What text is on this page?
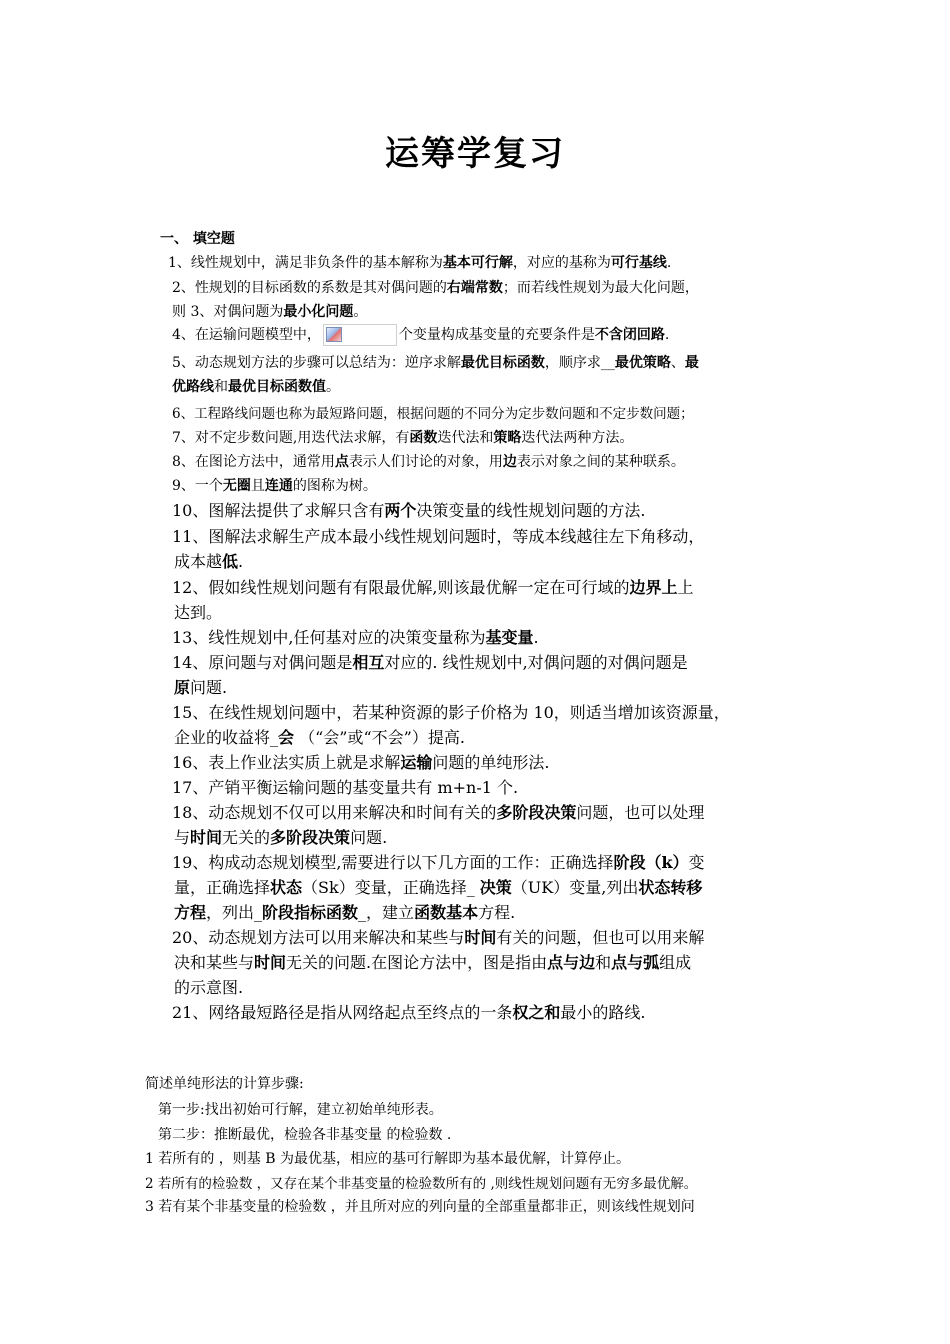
运筹学复习
一、 填空题
1、线性规划中，满足非负条件的基本解称为基本可行解，对应的基称为可行基线.
2、性规划的目标函数的系数是其对偶问题的右端常数；而若线性规划为最大化问题，
则 3、对偶问题为最小化问题。
4、在运输问题模型中，	个变量构成基变量的充要条件是不含闭回路.
5、动态规划方法的步骤可以总结为：逆序求解最优目标函数，顺序求__最优策略、最
优路线和最优目标函数值。
6、工程路线问题也称为最短路问题，根据问题的不同分为定步数问题和不定步数问题；
7、对不定步数问题,用迭代法求解，有函数迭代法和策略迭代法两种方法。
8、在图论方法中，通常用点表示人们讨论的对象，用边表示对象之间的某种联系。
9、一个无圈且连通的图称为树。
10、图解法提供了求解只含有两个决策变量的线性规划问题的方法.
11、图解法求解生产成本最小线性规划问题时，等成本线越往左下角移动，
成本越低.
12、假如线性规划问题有有限最优解,则该最优解一定在可行域的边界上上
达到。
13、线性规划中,任何基对应的决策变量称为基变量.
14、原问题与对偶问题是相互对应的. 线性规划中,对偶问题的对偶问题是
原问题.
15、在线性规划问题中，若某种资源的影子价格为 10，则适当增加该资源量，
企业的收益将_会 （“会”或“不会”）提高.
16、表上作业法实质上就是求解运输问题的单纯形法.
17、产销平衡运输问题的基变量共有 m+n-1 个.
18、动态规划不仅可以用来解决和时间有关的多阶段决策问题，也可以处理
与时间无关的多阶段决策问题.
19、构成动态规划模型,需要进行以下几方面的工作：正确选择阶段（k）变
量，正确选择状态（Sk）变量，正确选择_ 决策（UK）变量,列出状态转移
方程，列出_阶段指标函数_，建立函数基本方程.
20、动态规划方法可以用来解决和某些与时间有关的问题，但也可以用来解
决和某些与时间无关的问题.在图论方法中，图是指由点与边和点与弧组成
的示意图.
21、网络最短路径是指从网络起点至终点的一条权之和最小的路线.
简述单纯形法的计算步骤:
第一步:找出初始可行解，建立初始单纯形表。
第二步：推断最优，检验各非基变量 的检验数 .
1 若所有的 ，则基 B 为最优基，相应的基可行解即为基本最优解，计算停止。
2 若所有的检验数 ，又存在某个非基变量的检验数所有的 ,则线性规划问题有无穷多最优解。
3 若有某个非基变量的检验数 ，并且所对应的列向量的全部重量都非正，则该线性规划问
